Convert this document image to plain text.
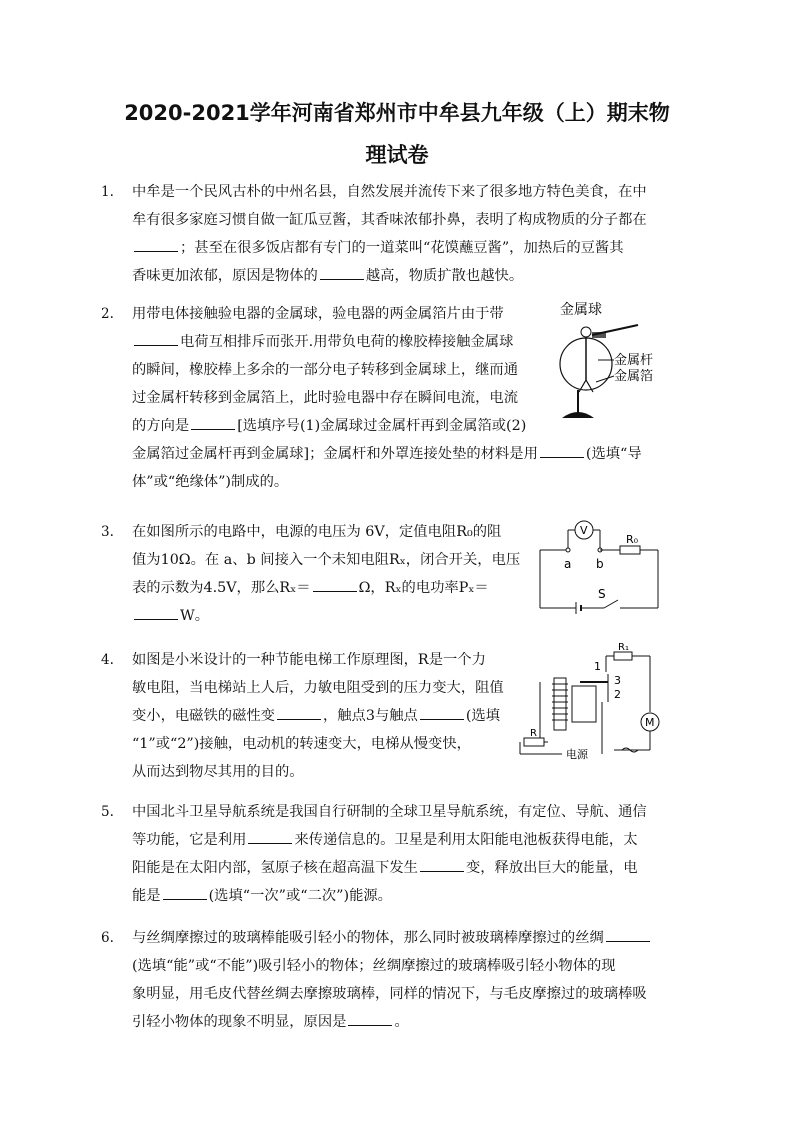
2020-2021学年河南省郑州市中牟县九年级（上）期末物
理试卷
1. 中牟是一个民风古朴的中州名县，自然发展并流传下来了很多地方特色美食，在中
牟有很多家庭习惯自做一缸瓜豆酱，其香味浓郁扑鼻，表明了构成物质的分子都在
；甚至在很多饭店都有专门的一道菜叫“花馍蘸豆酱”，加热后的豆酱其
香味更加浓郁，原因是物体的	越高，物质扩散也越快。
2. 用带电体接触验电器的金属球，验电器的两金属箔片由于带
电荷互相排斥而张开.用带负电荷的橡胶棒接触金属球
的瞬间，橡胶棒上多余的一部分电子转移到金属球上，继而通
过金属杆转移到金属箔上，此时验电器中存在瞬间电流，电流
的方向是	[选填序号(1)金属球过金属杆再到金属箔或(2)
金属箔过金属杆再到金属球]；金属杆和外罩连接处垫的材料是用	(选填“导
体”或“绝缘体”)制成的。
3. 在如图所示的电路中，电源的电压为 6V，定值电阻R₀的阻
值为10Ω。在 a、b 间接入一个未知电阻Rₓ，闭合开关，电压
表的示数为4.5V，那么Rₓ＝	Ω，Rₓ的电功率Pₓ＝
W。
4. 如图是小米设计的一种节能电梯工作原理图，R是一个力
敏电阻，当电梯站上人后，力敏电阻受到的压力变大，阻值
变小，电磁铁的磁性变	，触点3与触点	(选填
“1”或“2”)接触，电动机的转速变大，电梯从慢变快，
从而达到物尽其用的目的。
5. 中国北斗卫星导航系统是我国自行研制的全球卫星导航系统，有定位、导航、通信
等功能，它是利用	来传递信息的。卫星是利用太阳能电池板获得电能，太
阳能是在太阳内部，氢原子核在超高温下发生	变，释放出巨大的能量，电
能是	(选填“一次”或“二次”)能源。
6. 与丝绸摩擦过的玻璃棒能吸引轻小的物体，那么同时被玻璃棒摩擦过的丝绸
(选填“能”或“不能”)吸引轻小的物体；丝绸摩擦过的玻璃棒吸引轻小物体的现
象明显，用毛皮代替丝绸去摩擦玻璃棒，同样的情况下，与毛皮摩擦过的玻璃棒吸
引轻小物体的现象不明显，原因是	。
金属球
金属杆
金属箔
V
a b
R₀
S
R₁
1
3
2
R
电源
M
